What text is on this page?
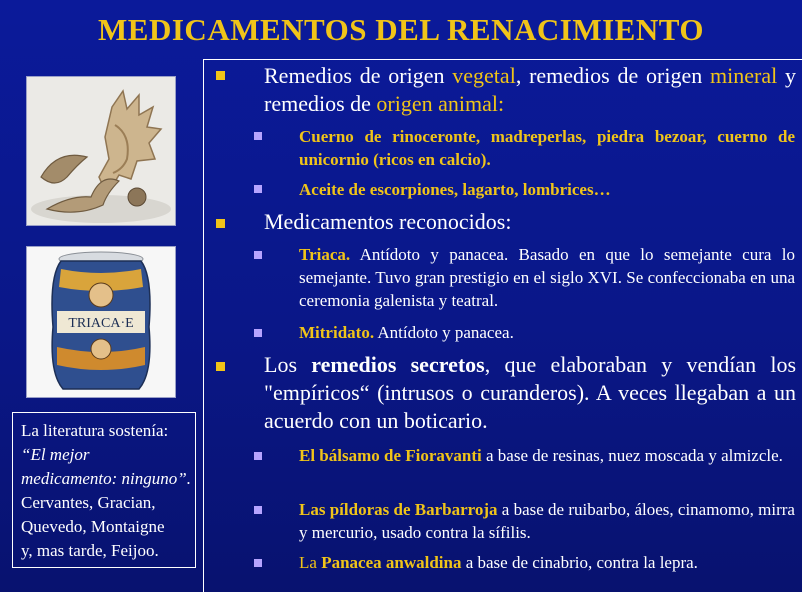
MEDICAMENTOS DEL RENACIMIENTO
TRIACA·E
La literatura sostenía:
“El mejor
medicamento: ninguno”.
Cervantes, Gracian,
Quevedo, Montaigne
y, mas tarde, Feijoo.
Remedios de origen vegetal, remedios de origen mineral y remedios de origen animal:
Cuerno de rinoceronte, madreperlas, piedra bezoar, cuerno de unicornio (ricos en calcio).
Aceite de escorpiones, lagarto, lombrices…
Medicamentos reconocidos:
Triaca. Antídoto y panacea. Basado en que lo semejante cura lo semejante. Tuvo gran prestigio en el siglo XVI. Se confeccionaba en una ceremonia galenista y teatral.
Mitridato. Antídoto y panacea.
Los remedios secretos, que elaboraban y vendían los "empíricos“ (intrusos o curanderos). A veces llegaban a un acuerdo con un boticario.
El bálsamo de Fioravanti a base de resinas, nuez moscada y almizcle.
Las píldoras de Barbarroja a base de ruibarbo, áloes, cinamomo, mirra y mercurio, usado contra la sífilis.
La Panacea anwaldina a base de cinabrio, contra la lepra.
